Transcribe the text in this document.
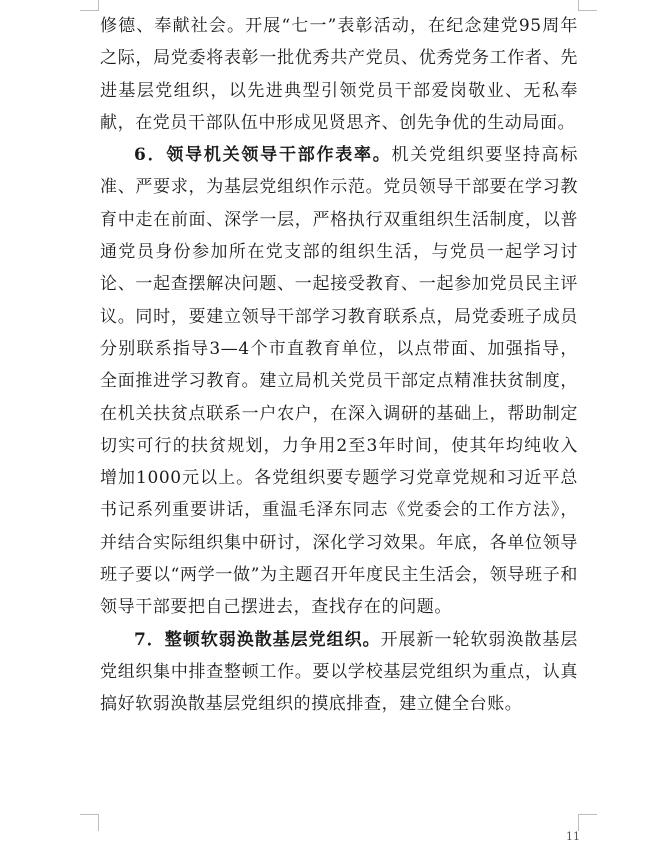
修德、奉献社会。开展“七一”表彰活动，在纪念建党95周年之际，局党委将表彰一批优秀共产党员、优秀党务工作者、先进基层党组织，以先进典型引领党员干部爱岗敬业、无私奉献，在党员干部队伍中形成见贤思齐、创先争优的生动局面。

6．领导机关领导干部作表率。机关党组织要坚持高标准、严要求，为基层党组织作示范。党员领导干部要在学习教育中走在前面、深学一层，严格执行双重组织生活制度，以普通党员身份参加所在党支部的组织生活，与党员一起学习讨论、一起查摆解决问题、一起接受教育、一起参加党员民主评议。同时，要建立领导干部学习教育联系点，局党委班子成员分别联系指导3—4个市直教育单位，以点带面、加强指导，全面推进学习教育。建立局机关党员干部定点精准扶贫制度，在机关扶贫点联系一户农户，在深入调研的基础上，帮助制定切实可行的扶贫规划，力争用2至3年时间，使其年均纯收入增加1000元以上。各党组织要专题学习党章党规和习近平总书记系列重要讲话，重温毛泽东同志《党委会的工作方法》，并结合实际组织集中研讨，深化学习效果。年底，各单位领导班子要以“两学一做”为主题召开年度民主生活会，领导班子和领导干部要把自己摆进去，查找存在的问题。

7．整顿软弱涣散基层党组织。开展新一轮软弱涣散基层党组织集中排查整顿工作。要以学校基层党组织为重点，认真搞好软弱涣散基层党组织的摸底排查，建立健全台账。

11
